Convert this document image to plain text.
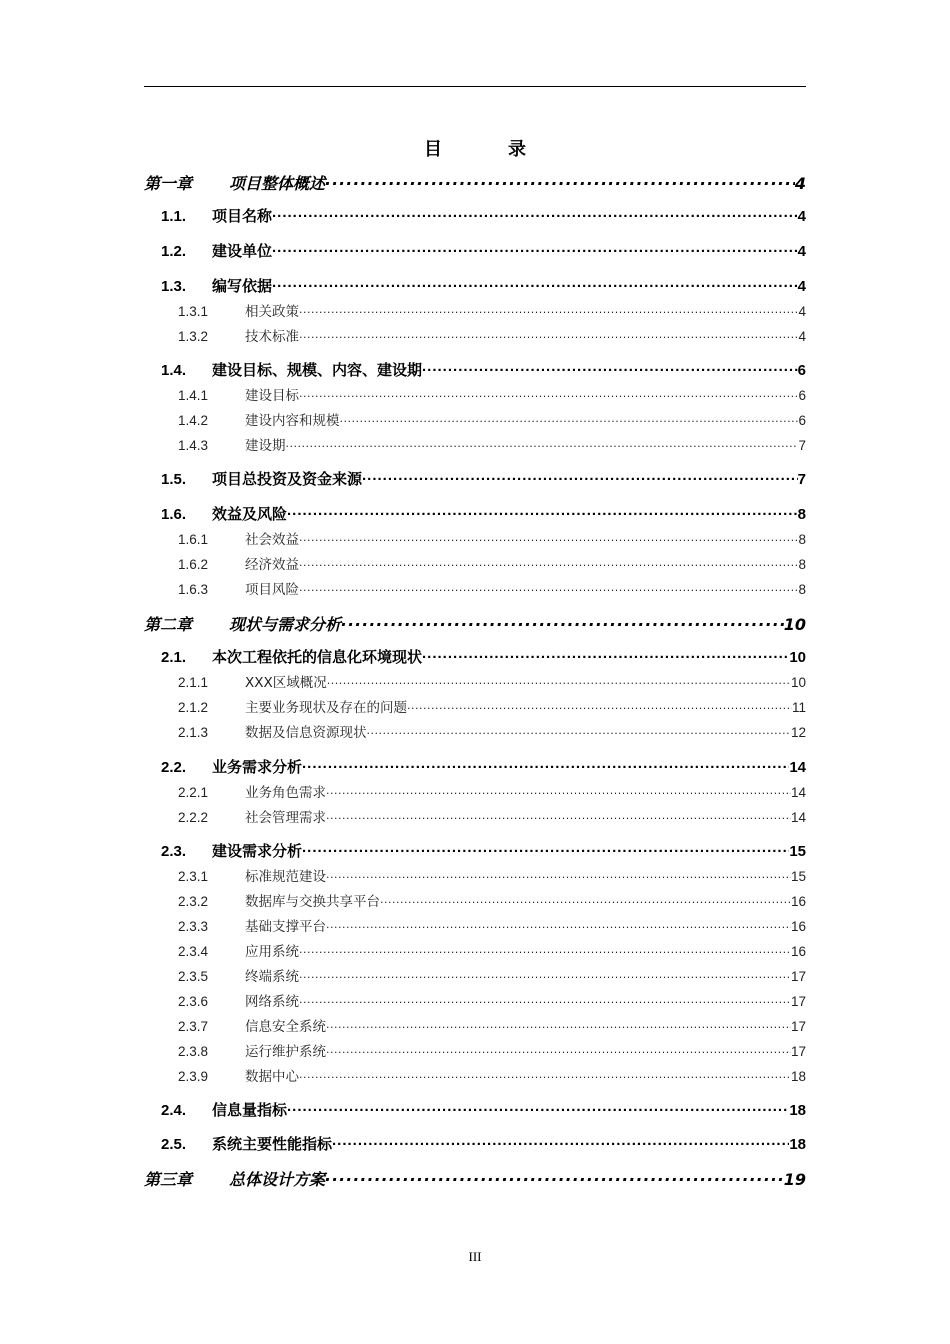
目　录
第一章	项目整体概述 .....	4
1.1.	项目名称 .....	4
1.2.	建设单位 .....	4
1.3.	编写依据 .....	4
1.3.1	相关政策 .....	4
1.3.2	技术标准 .....	4
1.4.	建设目标、规模、内容、建设期 .....	6
1.4.1	建设目标 .....	6
1.4.2	建设内容和规模 .....	6
1.4.3	建设期 .....	7
1.5.	项目总投资及资金来源 .....	7
1.6.	效益及风险 .....	8
1.6.1	社会效益 .....	8
1.6.2	经济效益 .....	8
1.6.3	项目风险 .....	8
第二章	现状与需求分析 .....	10
2.1.	本次工程依托的信息化环境现状 .....	10
2.1.1	XXX区域概况 .....	10
2.1.2	主要业务现状及存在的问题 .....	11
2.1.3	数据及信息资源现状 .....	12
2.2.	业务需求分析 .....	14
2.2.1	业务角色需求 .....	14
2.2.2	社会管理需求 .....	14
2.3.	建设需求分析 .....	15
2.3.1	标准规范建设 .....	15
2.3.2	数据库与交换共享平台 .....	16
2.3.3	基础支撑平台 .....	16
2.3.4	应用系统 .....	16
2.3.5	终端系统 .....	17
2.3.6	网络系统 .....	17
2.3.7	信息安全系统 .....	17
2.3.8	运行维护系统 .....	17
2.3.9	数据中心 .....	18
2.4.	信息量指标 .....	18
2.5.	系统主要性能指标 .....	18
第三章	总体设计方案 .....	19
III
